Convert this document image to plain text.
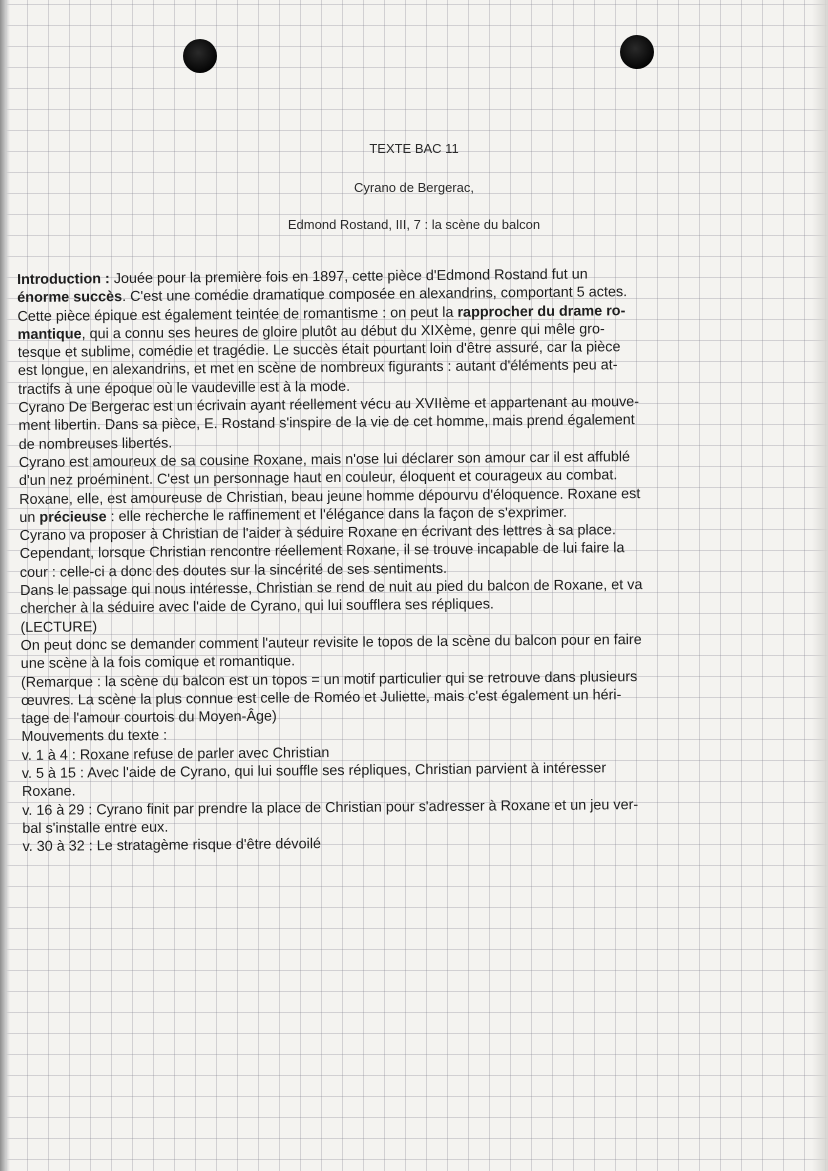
TEXTE BAC 11
Cyrano de Bergerac,
Edmond Rostand, III, 7 : la scène du balcon
Introduction : Jouée pour la première fois en 1897, cette pièce d'Edmond Rostand fut un
énorme succès. C'est une comédie dramatique composée en alexandrins, comportant 5 actes.
Cette pièce épique est également teintée de romantisme : on peut la rapprocher du drame ro-
mantique, qui a connu ses heures de gloire plutôt au début du XIXème, genre qui mêle gro-
tesque et sublime, comédie et tragédie. Le succès était pourtant loin d'être assuré, car la pièce
est longue, en alexandrins, et met en scène de nombreux figurants : autant d'éléments peu at-
tractifs à une époque où le vaudeville est à la mode.
Cyrano De Bergerac est un écrivain ayant réellement vécu au XVIIème et appartenant au mouve-
ment libertin. Dans sa pièce, E. Rostand s'inspire de la vie de cet homme, mais prend également
de nombreuses libertés.
Cyrano est amoureux de sa cousine Roxane, mais n'ose lui déclarer son amour car il est affublé
d'un nez proéminent. C'est un personnage haut en couleur, éloquent et courageux au combat.
Roxane, elle, est amoureuse de Christian, beau jeune homme dépourvu d'éloquence. Roxane est
un précieuse : elle recherche le raffinement et l'élégance dans la façon de s'exprimer.
Cyrano va proposer à Christian de l'aider à séduire Roxane en écrivant des lettres à sa place.
Cependant, lorsque Christian rencontre réellement Roxane, il se trouve incapable de lui faire la
cour : celle-ci a donc des doutes sur la sincérité de ses sentiments.
Dans le passage qui nous intéresse, Christian se rend de nuit au pied du balcon de Roxane, et va
chercher à la séduire avec l'aide de Cyrano, qui lui soufflera ses répliques.
(LECTURE)
On peut donc se demander comment l'auteur revisite le topos de la scène du balcon pour en faire
une scène à la fois comique et romantique.
(Remarque : la scène du balcon est un topos = un motif particulier qui se retrouve dans plusieurs
œuvres. La scène la plus connue est celle de Roméo et Juliette, mais c'est également un héri-
tage de l'amour courtois du Moyen-Âge)
Mouvements du texte :
v. 1 à 4 : Roxane refuse de parler avec Christian
v. 5 à 15 : Avec l'aide de Cyrano, qui lui souffle ses répliques, Christian parvient à intéresser
Roxane.
v. 16 à 29 : Cyrano finit par prendre la place de Christian pour s'adresser à Roxane et un jeu ver-
bal s'installe entre eux.
v. 30 à 32 : Le stratagème risque d'être dévoilé
